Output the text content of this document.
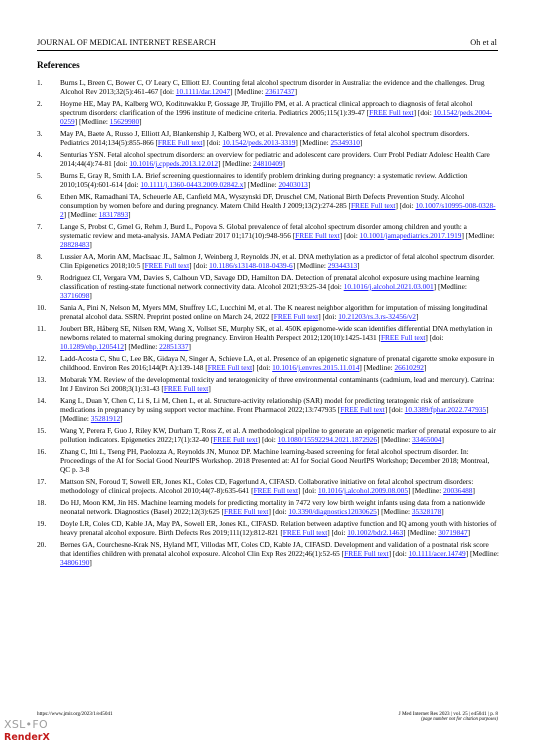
JOURNAL OF MEDICAL INTERNET RESEARCH	Oh et al
References
1. Burns L, Breen C, Bower C, O' Leary C, Elliott EJ. Counting fetal alcohol spectrum disorder in Australia: the evidence and the challenges. Drug Alcohol Rev 2013;32(5):461-467 [doi: 10.1111/dar.12047] [Medline: 23617437]
2. Hoyme HE, May PA, Kalberg WO, Kodituwakku P, Gossage JP, Trujillo PM, et al. A practical clinical approach to diagnosis of fetal alcohol spectrum disorders: clarification of the 1996 institute of medicine criteria. Pediatrics 2005;115(1):39-47 [FREE Full text] [doi: 10.1542/peds.2004-0259] [Medline: 15629980]
3. May PA, Baete A, Russo J, Elliott AJ, Blankenship J, Kalberg WO, et al. Prevalence and characteristics of fetal alcohol spectrum disorders. Pediatrics 2014;134(5):855-866 [FREE Full text] [doi: 10.1542/peds.2013-3319] [Medline: 25349310]
4. Senturias YSN. Fetal alcohol spectrum disorders: an overview for pediatric and adolescent care providers. Curr Probl Pediatr Adolesc Health Care 2014;44(4):74-81 [doi: 10.1016/j.cppeds.2013.12.012] [Medline: 24810409]
5. Burns E, Gray R, Smith LA. Brief screening questionnaires to identify problem drinking during pregnancy: a systematic review. Addiction 2010;105(4):601-614 [doi: 10.1111/j.1360-0443.2009.02842.x] [Medline: 20403013]
6. Ethen MK, Ramadhani TA, Scheuerle AE, Canfield MA, Wyszynski DF, Druschel CM, National Birth Defects Prevention Study. Alcohol consumption by women before and during pregnancy. Matern Child Health J 2009;13(2):274-285 [FREE Full text] [doi: 10.1007/s10995-008-0328-2] [Medline: 18317893]
7. Lange S, Probst C, Gmel G, Rehm J, Burd L, Popova S. Global prevalence of fetal alcohol spectrum disorder among children and youth: a systematic review and meta-analysis. JAMA Pediatr 2017 01;171(10):948-956 [FREE Full text] [doi: 10.1001/jamapediatrics.2017.1919] [Medline: 28828483]
8. Lussier AA, Morin AM, MacIsaac JL, Salmon J, Weinberg J, Reynolds JN, et al. DNA methylation as a predictor of fetal alcohol spectrum disorder. Clin Epigenetics 2018;10:5 [FREE Full text] [doi: 10.1186/s13148-018-0439-6] [Medline: 29344313]
9. Rodriguez CI, Vergara VM, Davies S, Calhoun VD, Savage DD, Hamilton DA. Detection of prenatal alcohol exposure using machine learning classification of resting-state functional network connectivity data. Alcohol 2021;93:25-34 [doi: 10.1016/j.alcohol.2021.03.001] [Medline: 33716098]
10. Sania A, Pini N, Nelson M, Myers MM, Shuffrey LC, Lucchini M, et al. The K nearest neighbor algorithm for imputation of missing longitudinal prenatal alcohol data. SSRN. Preprint posted online on March 24, 2022 [FREE Full text] [doi: 10.21203/rs.3.rs-32456/v2]
11. Joubert BR, Håberg SE, Nilsen RM, Wang X, Vollset SE, Murphy SK, et al. 450K epigenome-wide scan identifies differential DNA methylation in newborns related to maternal smoking during pregnancy. Environ Health Perspect 2012;120(10):1425-1431 [FREE Full text] [doi: 10.1289/ehp.1205412] [Medline: 22851337]
12. Ladd-Acosta C, Shu C, Lee BK, Gidaya N, Singer A, Schieve LA, et al. Presence of an epigenetic signature of prenatal cigarette smoke exposure in childhood. Environ Res 2016;144(Pt A):139-148 [FREE Full text] [doi: 10.1016/j.envres.2015.11.014] [Medline: 26610292]
13. Mobarak YM. Review of the developmental toxicity and teratogenicity of three environmental contaminants (cadmium, lead and mercury). Catrina: Int J Environ Sci 2008;3(1):31-43 [FREE Full text]
14. Kang L, Duan Y, Chen C, Li S, Li M, Chen L, et al. Structure-activity relationship (SAR) model for predicting teratogenic risk of antiseizure medications in pregnancy by using support vector machine. Front Pharmacol 2022;13:747935 [FREE Full text] [doi: 10.3389/fphar.2022.747935] [Medline: 35281912]
15. Wang Y, Perera F, Guo J, Riley KW, Durham T, Ross Z, et al. A methodological pipeline to generate an epigenetic marker of prenatal exposure to air pollution indicators. Epigenetics 2022;17(1):32-40 [FREE Full text] [doi: 10.1080/15592294.2021.1872926] [Medline: 33465004]
16. Zhang C, Itti L, Tseng PH, Paolozza A, Reynolds JN, Munoz DP. Machine learning-based screening for fetal alcohol spectrum disorder. In: Proceedings of the AI for Social Good NeurIPS Workshop. 2018 Presented at: AI for Social Good NeurIPS Workshop; December 2018; Montreal, QC p. 3-8
17. Mattson SN, Foroud T, Sowell ER, Jones KL, Coles CD, Fagerlund A, CIFASD. Collaborative initiative on fetal alcohol spectrum disorders: methodology of clinical projects. Alcohol 2010;44(7-8):635-641 [FREE Full text] [doi: 10.1016/j.alcohol.2009.08.005] [Medline: 20036488]
18. Do HJ, Moon KM, Jin HS. Machine learning models for predicting mortality in 7472 very low birth weight infants using data from a nationwide neonatal network. Diagnostics (Basel) 2022;12(3):625 [FREE Full text] [doi: 10.3390/diagnostics12030625] [Medline: 35328178]
19. Doyle LR, Coles CD, Kable JA, May PA, Sowell ER, Jones KL, CIFASD. Relation between adaptive function and IQ among youth with histories of heavy prenatal alcohol exposure. Birth Defects Res 2019;111(12):812-821 [FREE Full text] [doi: 10.1002/bdr2.1463] [Medline: 30719847]
20. Bernes GA, Courchesne-Krak NS, Hyland MT, Villodas MT, Coles CD, Kable JA, CIFASD. Development and validation of a postnatal risk score that identifies children with prenatal alcohol exposure. Alcohol Clin Exp Res 2022;46(1):52-65 [FREE Full text] [doi: 10.1111/acer.14749] [Medline: 34806190]
https://www.jmir.org/2023/1/e45041	J Med Internet Res 2023 | vol. 25 | e45041 | p. 8
(page number not for citation purposes)
XSL•FO
RenderX
